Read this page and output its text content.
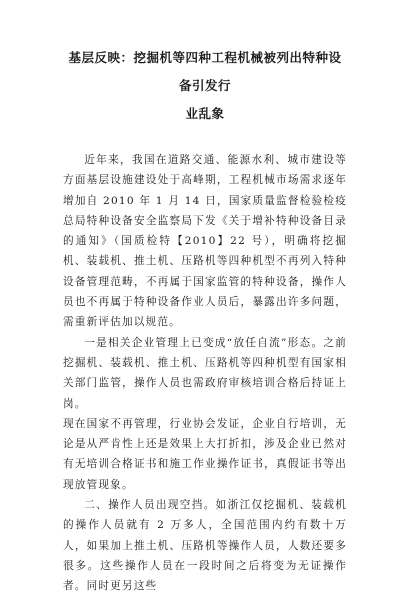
基层反映：挖掘机等四种工程机械被列出特种设备引发行
业乱象

近年来，我国在道路交通、能源水利、城市建设等方面基层设施建设处于高峰期，工程机械市场需求逐年增加自 2010 年 1 月 14 日，国家质量监督检验检疫总局特种设备安全监察局下发《关于增补特种设备目录的通知》（国质检特【2010】22 号），明确将挖掘机、装载机、推土机、压路机等四种机型不再列入特种设备管理范畴，不再属于国家监管的特种设备，操作人员也不再属于特种设备作业人员后，暴露出许多问题，需重新评估加以规范。

一是相关企业管理上已变成“放任自流”形态。之前挖掘机、装载机、推土机、压路机等四种机型有国家相关部门监管，操作人员也需政府审核培训合格后持证上岗。

现在国家不再管理，行业协会发证，企业自行培训，无论是从严肯性上还是效果上大打折扣，涉及企业已然对有无培训合格证书和施工作业操作证书，真假证书等出现放管现象。

二、操作人员出现空挡。如浙江仅挖掘机、装载机的操作人员就有 2 万多人，全国范围内约有数十万人，如果加上推土机、压路机等操作人员，人数还要多很多。这些操作人员在一段时间之后将变为无证操作者。同时更另这些
